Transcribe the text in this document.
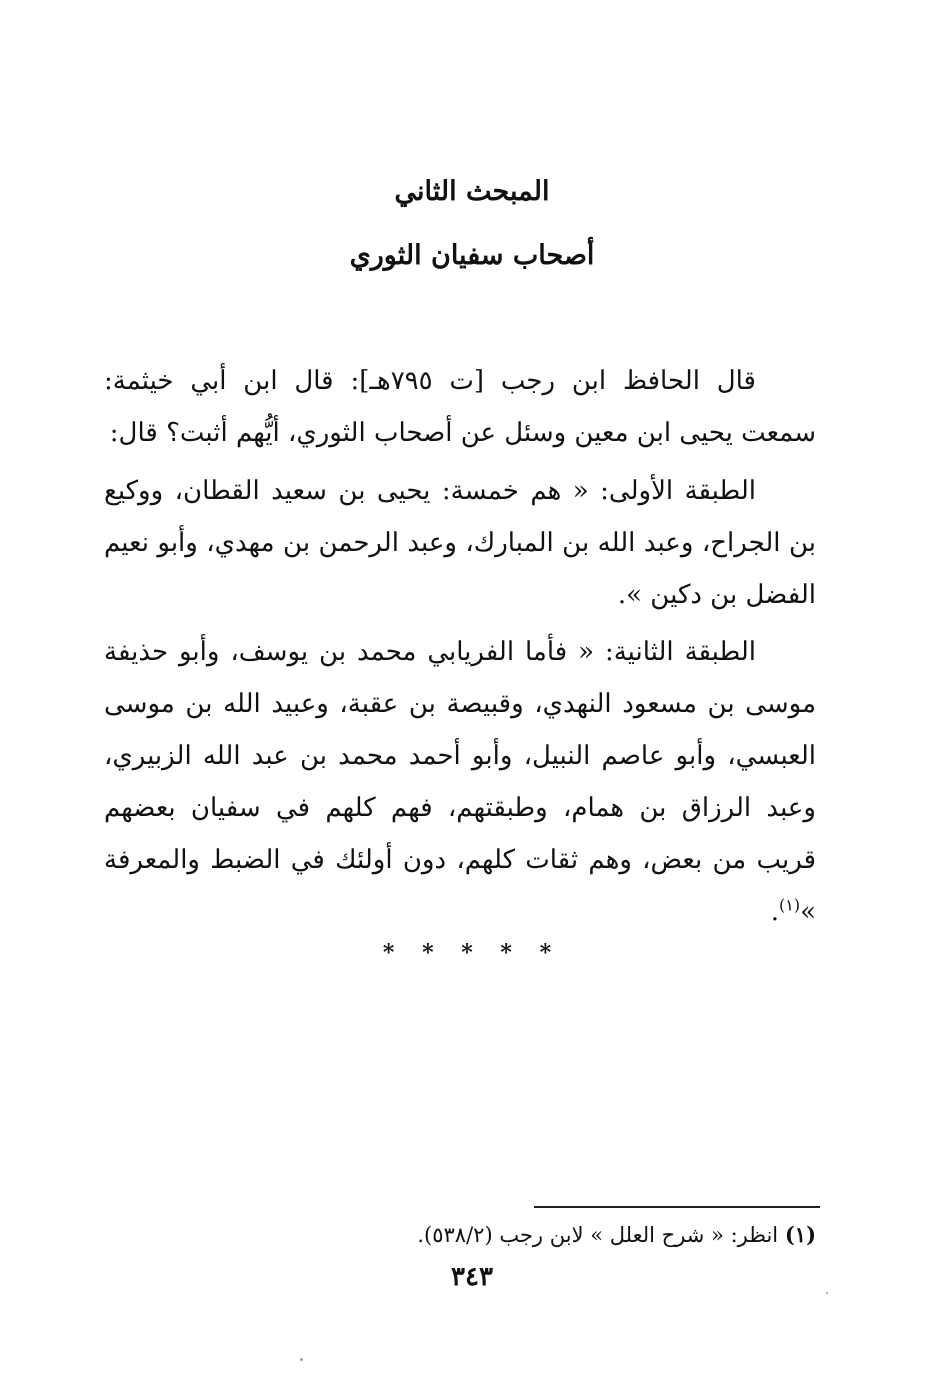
المبحث الثاني
أصحاب سفيان الثوري

قال الحافظ ابن رجب [ت ٧٩٥هـ]: قال ابن أبي خيثمة: سمعت يحيى ابن معين وسئل عن أصحاب الثوري، أيُّهم أثبت؟ قال:

الطبقة الأولى: « هم خمسة: يحيى بن سعيد القطان، ووكيع بن الجراح، وعبد الله بن المبارك، وعبد الرحمن بن مهدي، وأبو نعيم الفضل بن دكين ».

الطبقة الثانية: « فأما الفريابي محمد بن يوسف، وأبو حذيفة موسى بن مسعود النهدي، وقبيصة بن عقبة، وعبيد الله بن موسى العبسي، وأبو عاصم النبيل، وأبو أحمد محمد بن عبد الله الزبيري، وعبد الرزاق بن همام، وطبقتهم، فهم كلهم في سفيان بعضهم قريب من بعض، وهم ثقات كلهم، دون أولئك في الضبط والمعرفة »$^{(١)}$.

* * * * *
(١) انظر: « شرح العلل » لابن رجب (٥٣٨/٢).
٣٤٣
